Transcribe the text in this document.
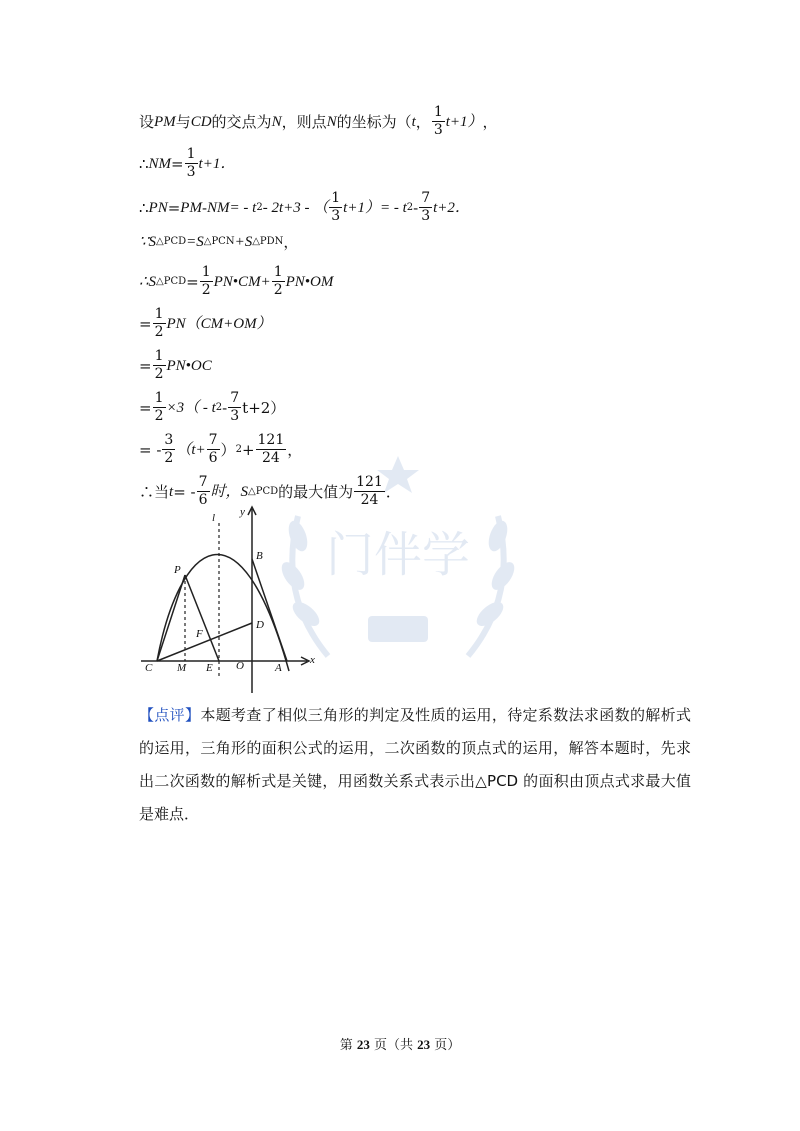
门伴学
设 PM 与 CD 的交点为 N ，则点 N 的坐标为（ t ， $\frac{1}{3} t+1$） ，
∴ NM = $\frac{1}{3} t+1$．
∴ PN = PM - NM = - t 2 - 2t+3 - （ $\frac{1}{3} t+1)= - t$ $2 - \frac{7}{3} t+2$．
∵S △PCD =S △PCN +S △PDN ，
∴S △PCD = $\frac{1}{2}$ PN•CM+ $\frac{1}{2}$ PN•OM
= $\frac{1}{2} PN(CM+OM)$
= $\frac{1}{2}$ PN•OC
= $\frac{1}{2} \times 3( - t$ $2 - \frac{7}{3} t+2$）
= - $\frac{3}{2} (t+ \frac{7}{6}$ ） $2 + \frac{121}{24}$ ，
∴当 t = - $\frac{7}{6}$ 时，S △PCD 的最大值为 $\frac{121}{24}$ ．
l y
P
B
F
D
C M E O	A
x
【点评】本题考查了相似三角形的判定及性质的运用，待定系数法求函数的解析式的运用，三角形的面积公式的运用，二次函数的顶点式的运用，解答本题时，先求出二次函数的解析式是关键，用函数关系式表示出△PCD 的面积由顶点式求最大值是难点．
第 23 页（共 23 页）
